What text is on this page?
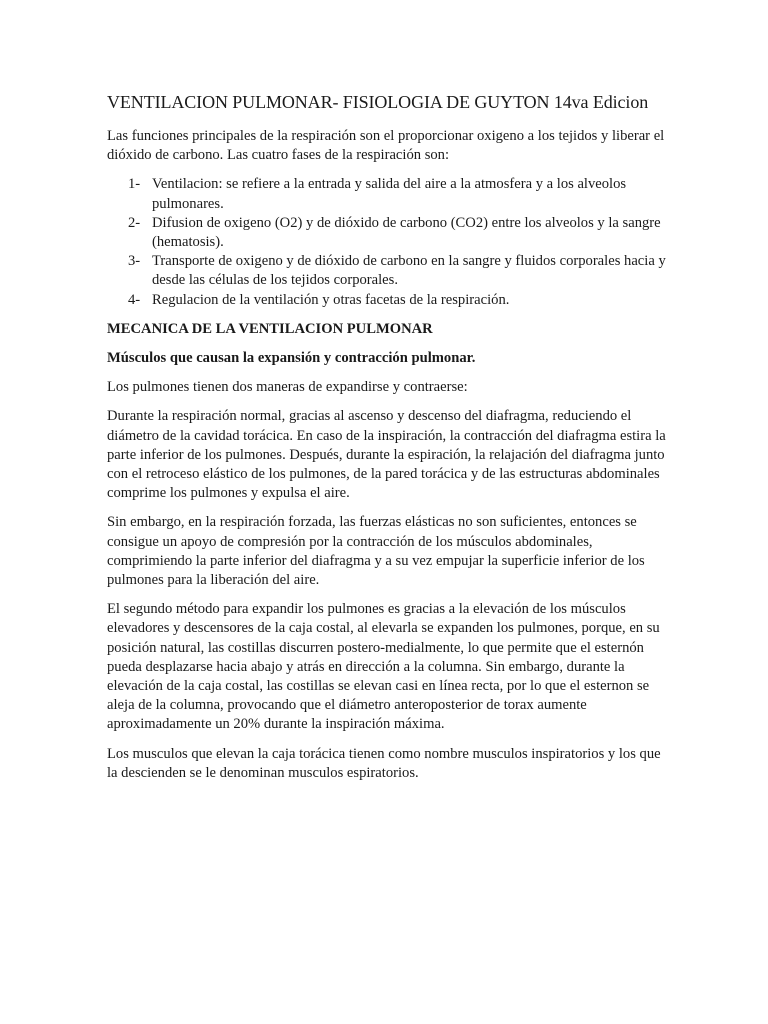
VENTILACION PULMONAR- FISIOLOGIA DE GUYTON 14va Edicion

Las funciones principales de la respiración son el proporcionar oxigeno a los tejidos y liberar el dióxido de carbono. Las cuatro fases de la respiración son:

1- Ventilacion: se refiere a la entrada y salida del aire a la atmosfera y a los alveolos pulmonares.
2- Difusion de oxigeno (O2) y de dióxido de carbono (CO2) entre los alveolos y la sangre (hematosis).
3- Transporte de oxigeno y de dióxido de carbono en la sangre y fluidos corporales hacia y desde las células de los tejidos corporales.
4- Regulacion de la ventilación y otras facetas de la respiración.
MECANICA DE LA VENTILACION PULMONAR
Músculos que causan la expansión y contracción pulmonar.

Los pulmones tienen dos maneras de expandirse y contraerse:

Durante la respiración normal, gracias al ascenso y descenso del diafragma, reduciendo el diámetro de la cavidad torácica. En caso de la inspiración, la contracción del diafragma estira la parte inferior de los pulmones. Después, durante la espiración, la relajación del diafragma junto con el retroceso elástico de los pulmones, de la pared torácica y de las estructuras abdominales comprime los pulmones y expulsa el aire.

Sin embargo, en la respiración forzada, las fuerzas elásticas no son suficientes, entonces se consigue un apoyo de compresión por la contracción de los músculos abdominales, comprimiendo la parte inferior del diafragma y a su vez empujar la superficie inferior de los pulmones para la liberación del aire.

El segundo método para expandir los pulmones es gracias a la elevación de los músculos elevadores y descensores de la caja costal, al elevarla se expanden los pulmones, porque, en su posición natural, las costillas discurren postero-medialmente, lo que permite que el esternón pueda desplazarse hacia abajo y atrás en dirección a la columna. Sin embargo, durante la elevación de la caja costal, las costillas se elevan casi en línea recta, por lo que el esternon se aleja de la columna, provocando que el diámetro anteroposterior de torax aumente aproximadamente un 20% durante la inspiración máxima.

Los musculos que elevan la caja torácica tienen como nombre musculos inspiratorios y los que la descienden se le denominan musculos espiratorios.
